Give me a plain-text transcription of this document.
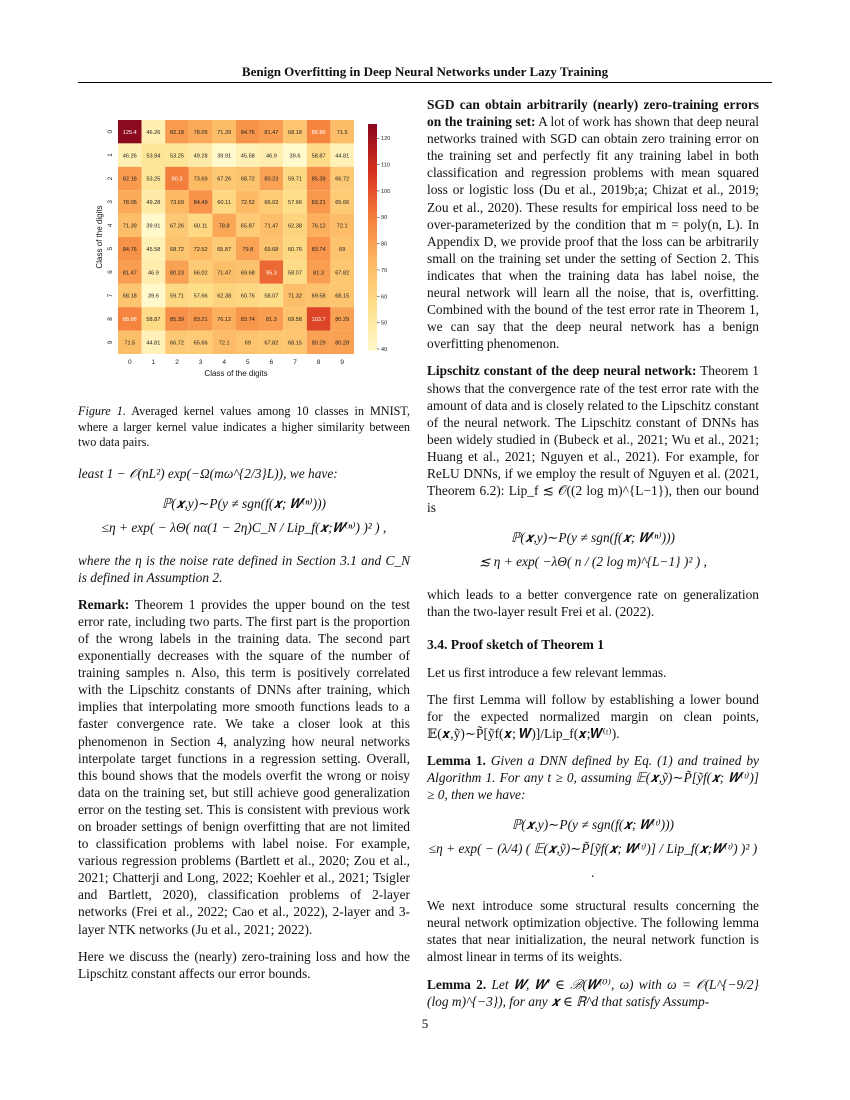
Benign Overfitting in Deep Neural Networks under Lazy Training
125.4 46.26 82.18 78.05 71.39 84.76 81.47 68.18 88.86 71.5
46.26 53.94 53.25 49.28 39.91 45.58 46.9 39.6 58.87 44.81
82.18 53.25 90.3 73.69 67.26 68.72 80.23 59.71 85.39 66.72
78.05 49.28 73.69 84.49 60.11 72.52 66.02 57.66 83.21 65.66
71.39 39.91 67.26 60.11 78.8 65.87 71.47 62.38 76.12 72.1
84.76 45.58 68.72 72.52 65.87 79.8 69.68 60.76 83.74 69
81.47 46.9 80.23 66.02 71.47 69.68 95.3 58.07 81.3 67.82
68.18 39.6 59.71 57.66 62.38 60.76 58.07 71.32 69.58 68.15
88.86 58.87 85.39 83.21 76.12 83.74 81.3 69.58 103.7 80.29
71.5 44.81 66.72 65.66 72.1	69 67.82 68.15 80.29 80.28
0	1	2	3	4	5	6	7	8	9
0
1
2
3
4
5
6
7
8
9
Class of the digits
Class of the digits
40
50
60
70
80
90
100
110
120
Figure 1. Averaged kernel values among 10 classes in MNIST, where a larger kernel value indicates a higher similarity between two data pairs.

least 1 − 𝒪(nL²) exp(−Ω(mω^{2/3}L)), we have:

ℙ(𝒙,y)∼P(y ≠ sgn(f(𝒙; 𝑾⁽ⁿ⁾)))
≤η + exp( − λΘ( nα(1 − 2η)C_N / Lip_f(𝒙;𝑾⁽ⁿ⁾) )² ) ,

where the η is the noise rate defined in Section 3.1 and C_N is defined in Assumption 2.

Remark: Theorem 1 provides the upper bound on the test error rate, including two parts. The first part is the proportion of the wrong labels in the training data. The second part exponentially decreases with the square of the number of training samples n. Also, this term is positively correlated with the Lipschitz constants of DNNs after training, which implies that interpolating more smooth functions leads to a faster convergence rate. We take a closer look at this phenomenon in Section 4, analyzing how neural networks interpolate target functions in a regression setting. Overall, this bound shows that the models overfit the wrong or noisy data on the training set, but still achieve good generalization error on the testing set. This is consistent with previous work on broader settings of benign overfitting that are not limited to classification problems with label noise. For example, various regression problems (Bartlett et al., 2020; Zou et al., 2021; Chatterji and Long, 2022; Koehler et al., 2021; Tsigler and Bartlett, 2020), classification problems of 2-layer networks (Frei et al., 2022; Cao et al., 2022), 2-layer and 3-layer NTK networks (Ju et al., 2021; 2022).

Here we discuss the (nearly) zero-training loss and how the Lipschitz constant affects our error bounds.

SGD can obtain arbitrarily (nearly) zero-training errors on the training set: A lot of work has shown that deep neural networks trained with SGD can obtain zero training error on the training set and perfectly fit any training label in both classification and regression problems with mean squared loss or logistic loss (Du et al., 2019b;a; Chizat et al., 2019; Zou et al., 2020). These results for empirical loss need to be over-parameterized by the condition that m = poly(n, L). In Appendix D, we provide proof that the loss can be arbitrarily small on the training set under the setting of Section 2. This indicates that when the training data has label noise, the neural network will learn all the noise, that is, overfitting. Combined with the bound of the test error rate in Theorem 1, we can say that the deep neural network has a benign overfitting phenomenon.

Lipschitz constant of the deep neural network: Theorem 1 shows that the convergence rate of the test error rate with the amount of data and is closely related to the Lipschitz constant of the neural network. The Lipschitz constant of DNNs has been widely studied in (Bubeck et al., 2021; Wu et al., 2021; Huang et al., 2021; Nguyen et al., 2021). For example, for ReLU DNNs, if we employ the result of Nguyen et al. (2021, Theorem 6.2): Lip_f ≲ 𝒪((2 log m)^{L−1}), then our bound is

ℙ(𝒙,y)∼P(y ≠ sgn(f(𝒙; 𝑾⁽ⁿ⁾)))
≲ η + exp( −λΘ( n / (2 log m)^{L−1} )² ) ,

which leads to a better convergence rate on generalization than the two-layer result Frei et al. (2022).

3.4. Proof sketch of Theorem 1

Let us first introduce a few relevant lemmas.

The first Lemma will follow by establishing a lower bound for the expected normalized margin on clean points, 𝔼(𝒙,ỹ)∼P̃[ỹf(𝒙; 𝑾)]/Lip_f(𝒙;𝑾⁽ᵗ⁾).

Lemma 1. Given a DNN defined by Eq. (1) and trained by Algorithm 1. For any t ≥ 0, assuming 𝔼(𝒙,ỹ)∼P̃[ỹf(𝒙; 𝑾⁽ᵗ⁾)] ≥ 0, then we have:

ℙ(𝒙,y)∼P(y ≠ sgn(f(𝒙; 𝑾⁽ᵗ⁾)))
≤η + exp( − (λ/4) ( 𝔼(𝒙,ỹ)∼P̃[ỹf(𝒙; 𝑾⁽ᵗ⁾)] / Lip_f(𝒙;𝑾⁽ᵗ⁾) )² ) .

We next introduce some structural results concerning the neural network optimization objective. The following lemma states that near initialization, the neural network function is almost linear in terms of its weights.

Lemma 2. Let 𝑾, 𝑾′ ∈ ℬ(𝑾⁽⁰⁾, ω) with ω = 𝒪(L^{−9/2}(log m)^{−3}), for any 𝒙 ∈ ℝ^d that satisfy Assump-

5
